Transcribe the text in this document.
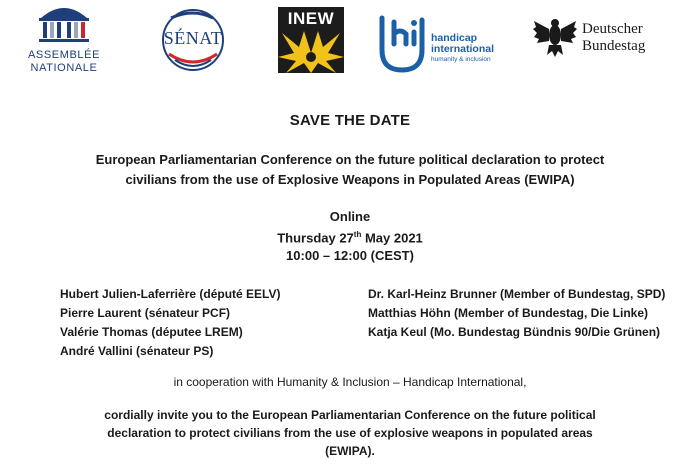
ASSEMBLÉE
NATIONALE
SÉNAT
INEW
handicap
international
humanity & inclusion
Deutscher
Bundestag
SAVE THE DATE
European Parliamentarian Conference on the future political declaration to protect
civilians from the use of Explosive Weapons in Populated Areas (EWIPA)
Online
Thursday 27th May 2021
10:00 – 12:00 (CEST)
Hubert Julien-Laferrière (député EELV)
Pierre Laurent (sénateur PCF)
Valérie Thomas (députee LREM)
André Vallini (sénateur PS)
Dr. Karl-Heinz Brunner (Member of Bundestag, SPD)
Matthias Höhn (Member of Bundestag, Die Linke)
Katja Keul (Mo. Bundestag Bündnis 90/Die Grünen)
in cooperation with Humanity & Inclusion – Handicap International,
cordially invite you to the European Parliamentarian Conference on the future political
declaration to protect civilians from the use of explosive weapons in populated areas
(EWIPA).
